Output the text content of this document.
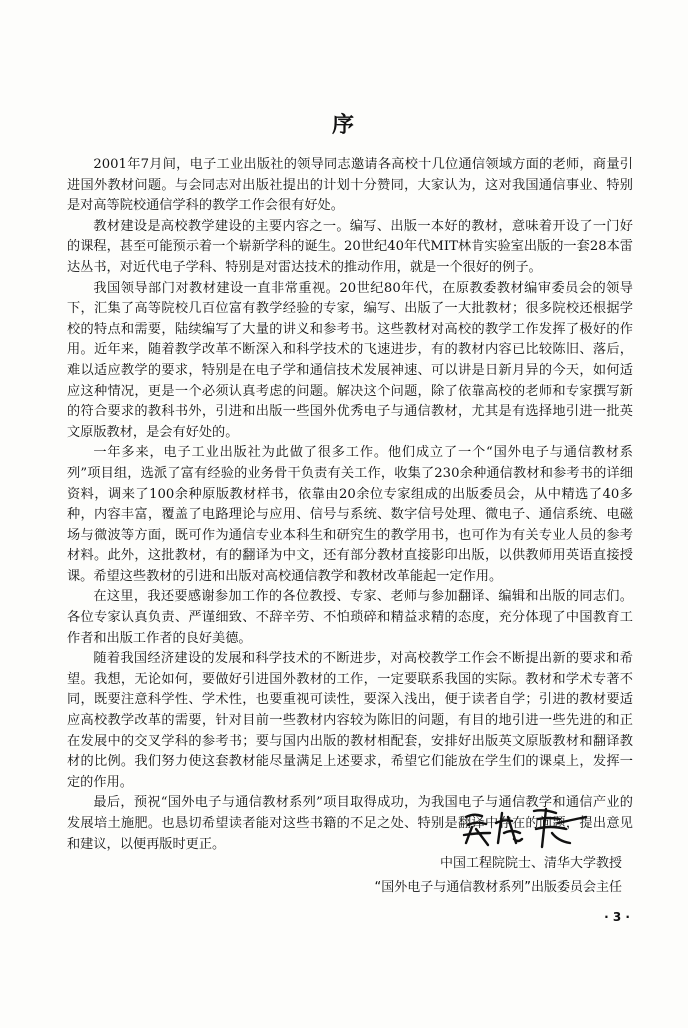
序

2001年7月间，电子工业出版社的领导同志邀请各高校十几位通信领域方面的老师，商量引进国外教材问题。与会同志对出版社提出的计划十分赞同，大家认为，这对我国通信事业、特别是对高等院校通信学科的教学工作会很有好处。

教材建设是高校教学建设的主要内容之一。编写、出版一本好的教材，意味着开设了一门好的课程，甚至可能预示着一个崭新学科的诞生。20世纪40年代MIT林肯实验室出版的一套28本雷达丛书，对近代电子学科、特别是对雷达技术的推动作用，就是一个很好的例子。

我国领导部门对教材建设一直非常重视。20世纪80年代，在原教委教材编审委员会的领导下，汇集了高等院校几百位富有教学经验的专家，编写、出版了一大批教材；很多院校还根据学校的特点和需要，陆续编写了大量的讲义和参考书。这些教材对高校的教学工作发挥了极好的作用。近年来，随着教学改革不断深入和科学技术的飞速进步，有的教材内容已比较陈旧、落后，难以适应教学的要求，特别是在电子学和通信技术发展神速、可以讲是日新月异的今天，如何适应这种情况，更是一个必须认真考虑的问题。解决这个问题，除了依靠高校的老师和专家撰写新的符合要求的教科书外，引进和出版一些国外优秀电子与通信教材，尤其是有选择地引进一批英文原版教材，是会有好处的。

一年多来，电子工业出版社为此做了很多工作。他们成立了一个“国外电子与通信教材系列”项目组，选派了富有经验的业务骨干负责有关工作，收集了230余种通信教材和参考书的详细资料，调来了100余种原版教材样书，依靠由20余位专家组成的出版委员会，从中精选了40多种，内容丰富，覆盖了电路理论与应用、信号与系统、数字信号处理、微电子、通信系统、电磁场与微波等方面，既可作为通信专业本科生和研究生的教学用书，也可作为有关专业人员的参考材料。此外，这批教材，有的翻译为中文，还有部分教材直接影印出版，以供教师用英语直接授课。希望这些教材的引进和出版对高校通信教学和教材改革能起一定作用。

在这里，我还要感谢参加工作的各位教授、专家、老师与参加翻译、编辑和出版的同志们。各位专家认真负责、严谨细致、不辞辛劳、不怕琐碎和精益求精的态度，充分体现了中国教育工作者和出版工作者的良好美德。

随着我国经济建设的发展和科学技术的不断进步，对高校教学工作会不断提出新的要求和希望。我想，无论如何，要做好引进国外教材的工作，一定要联系我国的实际。教材和学术专著不同，既要注意科学性、学术性，也要重视可读性，要深入浅出，便于读者自学；引进的教材要适应高校教学改革的需要，针对目前一些教材内容较为陈旧的问题，有目的地引进一些先进的和正在发展中的交叉学科的参考书；要与国内出版的教材相配套，安排好出版英文原版教材和翻译教材的比例。我们努力使这套教材能尽量满足上述要求，希望它们能放在学生们的课桌上，发挥一定的作用。

最后，预祝“国外电子与通信教材系列”项目取得成功，为我国电子与通信教学和通信产业的发展培土施肥。也恳切希望读者能对这些书籍的不足之处、特别是翻译中存在的问题，提出意见和建议，以便再版时更正。

中国工程院院士、清华大学教授
“国外电子与通信教材系列”出版委员会主任
· 3 ·
